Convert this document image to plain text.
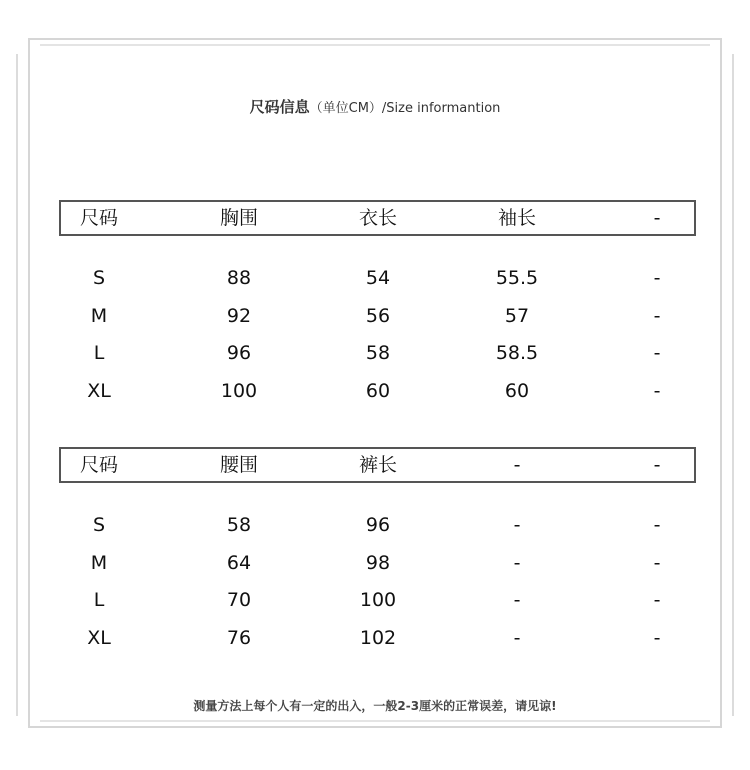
尺码信息（单位CM）/Size informantion
尺码	胸围	衣长	袖长	-
S	88	54	55.5	-
M	92	56	57	-
L	96	58	58.5	-
XL	100	60	60	-
尺码	腰围	裤长	-	-
S	58	96	-	-
M	64	98	-	-
L	70	100	-	-
XL	76	102	-	-
测量方法上每个人有一定的出入，一般2-3厘米的正常误差，请见谅!
